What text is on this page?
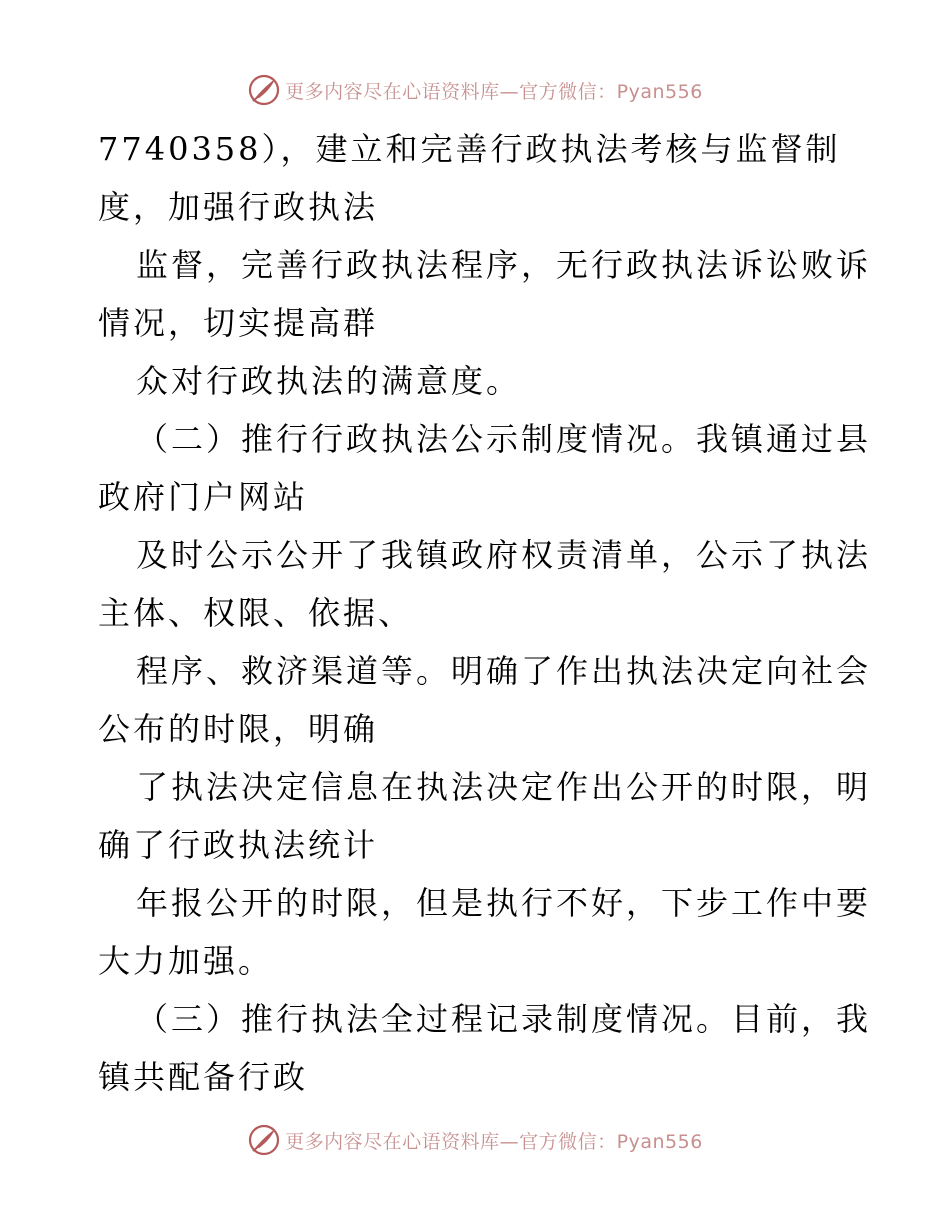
更多内容尽在心语资料库—官方微信：Pyan556
7740358），建立和完善行政执法考核与监督制
度，加强行政执法
监督，完善行政执法程序，无行政执法诉讼败诉
情况，切实提高群
众对行政执法的满意度。
（二）推行行政执法公示制度情况。我镇通过县
政府门户网站
及时公示公开了我镇政府权责清单，公示了执法
主体、权限、依据、
程序、救济渠道等。明确了作出执法决定向社会
公布的时限，明确
了执法决定信息在执法决定作出公开的时限，明
确了行政执法统计
年报公开的时限，但是执行不好，下步工作中要
大力加强。
（三）推行执法全过程记录制度情况。目前，我
镇共配备行政
更多内容尽在心语资料库—官方微信：Pyan556
